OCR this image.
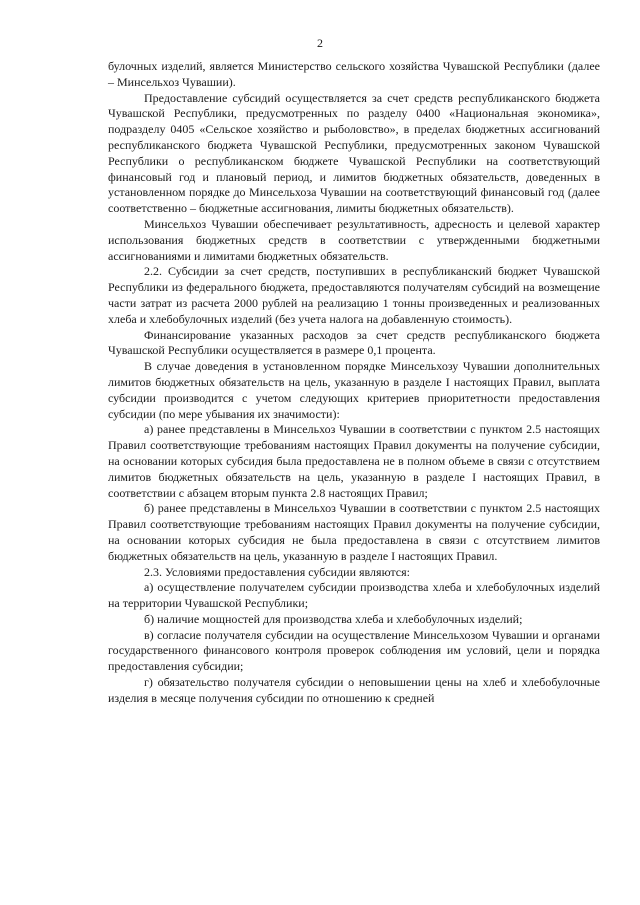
2

булочных изделий, является Министерство сельского хозяйства Чувашской Республики (далее – Минсельхоз Чувашии).

Предоставление субсидий осуществляется за счет средств республиканского бюджета Чувашской Республики, предусмотренных по разделу 0400 «Национальная экономика», подразделу 0405 «Сельское хозяйство и рыболовство», в пределах бюджетных ассигнований республиканского бюджета Чувашской Республики, предусмотренных законом Чувашской Республики о республиканском бюджете Чувашской Республики на соответствующий финансовый год и плановый период, и лимитов бюджетных обязательств, доведенных в установленном порядке до Минсельхоза Чувашии на соответствующий финансовый год (далее соответственно – бюджетные ассигнования, лимиты бюджетных обязательств).

Минсельхоз Чувашии обеспечивает результативность, адресность и целевой характер использования бюджетных средств в соответствии с утвержденными бюджетными ассигнованиями и лимитами бюджетных обязательств.

2.2. Субсидии за счет средств, поступивших в республиканский бюджет Чувашской Республики из федерального бюджета, предоставляются получателям субсидий на возмещение части затрат из расчета 2000 рублей на реализацию 1 тонны произведенных и реализованных хлеба и хлебобулочных изделий (без учета налога на добавленную стоимость).

Финансирование указанных расходов за счет средств республиканского бюджета Чувашской Республики осуществляется в размере 0,1 процента.

В случае доведения в установленном порядке Минсельхозу Чувашии дополнительных лимитов бюджетных обязательств на цель, указанную в разделе I настоящих Правил, выплата субсидии производится с учетом следующих критериев приоритетности предоставления субсидии (по мере убывания их значимости):

а) ранее представлены в Минсельхоз Чувашии в соответствии с пунктом 2.5 настоящих Правил соответствующие требованиям настоящих Правил документы на получение субсидии, на основании которых субсидия была предоставлена не в полном объеме в связи с отсутствием лимитов бюджетных обязательств на цель, указанную в разделе I настоящих Правил, в соответствии с абзацем вторым пункта 2.8 настоящих Правил;

б) ранее представлены в Минсельхоз Чувашии в соответствии с пунктом 2.5 настоящих Правил соответствующие требованиям настоящих Правил документы на получение субсидии, на основании которых субсидия не была предоставлена в связи с отсутствием лимитов бюджетных обязательств на цель, указанную в разделе I настоящих Правил.

2.3. Условиями предоставления субсидии являются:

а) осуществление получателем субсидии производства хлеба и хлебобулочных изделий на территории Чувашской Республики;

б) наличие мощностей для производства хлеба и хлебобулочных изделий;

в) согласие получателя субсидии на осуществление Минсельхозом Чувашии и органами государственного финансового контроля проверок соблюдения им условий, цели и порядка предоставления субсидии;

г) обязательство получателя субсидии о неповышении цены на хлеб и хлебобулочные изделия в месяце получения субсидии по отношению к средней
